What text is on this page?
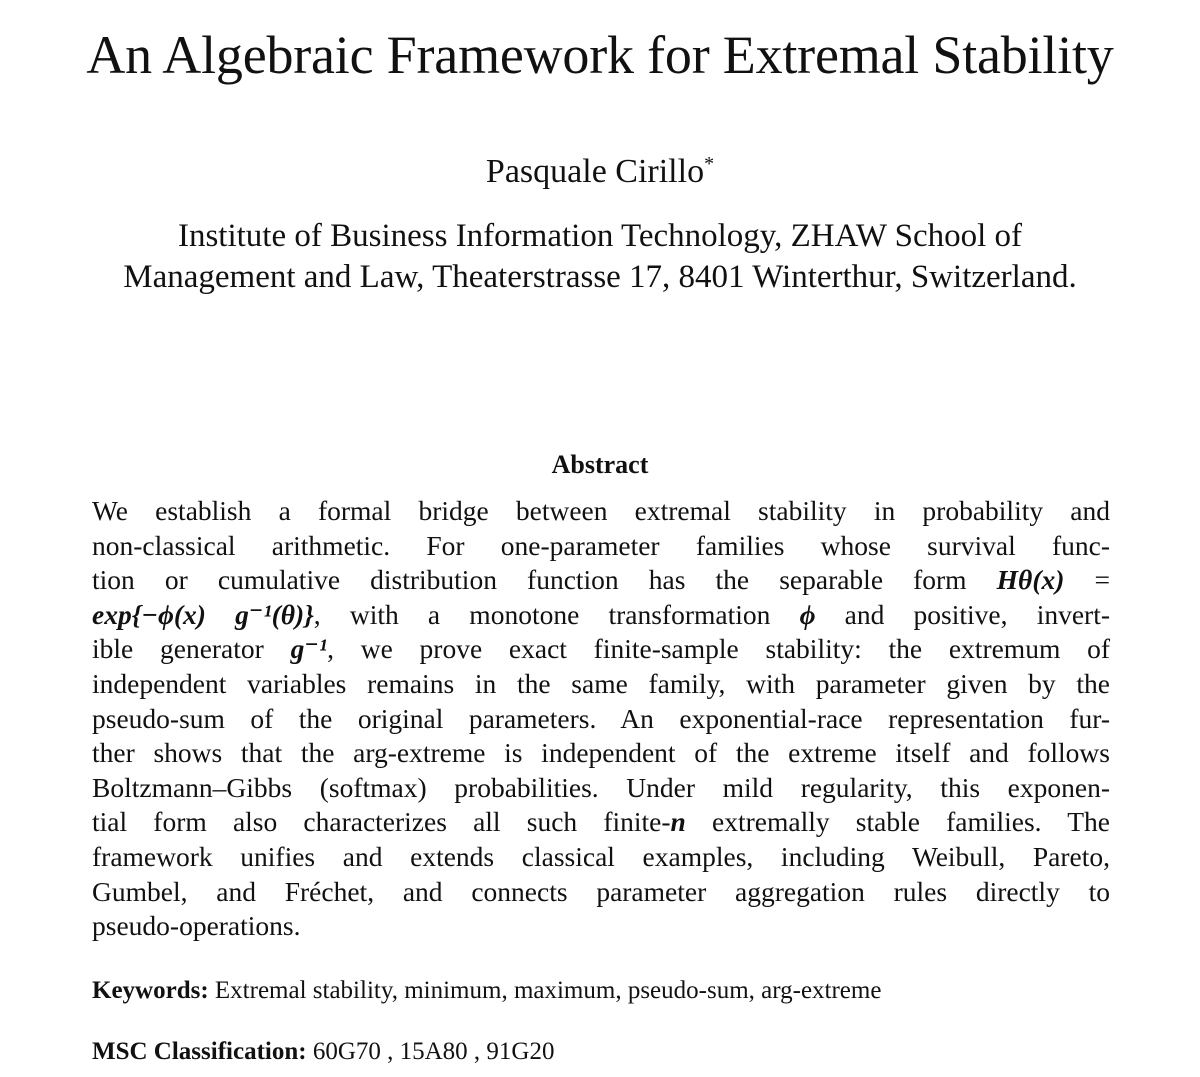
An Algebraic Framework for Extremal Stability
Pasquale Cirillo*
Institute of Business Information Technology, ZHAW School of
Management and Law, Theaterstrasse 17, 8401 Winterthur, Switzerland.
Abstract
We establish a formal bridge between extremal stability in probability and
non-classical arithmetic. For one-parameter families whose survival func-
tion or cumulative distribution function has the separable form Hθ(x) =
exp{−ϕ(x) g⁻¹(θ)}, with a monotone transformation ϕ and positive, invert-
ible generator g⁻¹, we prove exact finite-sample stability: the extremum of
independent variables remains in the same family, with parameter given by the
pseudo-sum of the original parameters. An exponential-race representation fur-
ther shows that the arg-extreme is independent of the extreme itself and follows
Boltzmann–Gibbs (softmax) probabilities. Under mild regularity, this exponen-
tial form also characterizes all such finite-n extremally stable families. The
framework unifies and extends classical examples, including Weibull, Pareto,
Gumbel, and Fréchet, and connects parameter aggregation rules directly to
pseudo-operations.
Keywords: Extremal stability, minimum, maximum, pseudo-sum, arg-extreme
MSC Classification: 60G70 , 15A80 , 91G20
